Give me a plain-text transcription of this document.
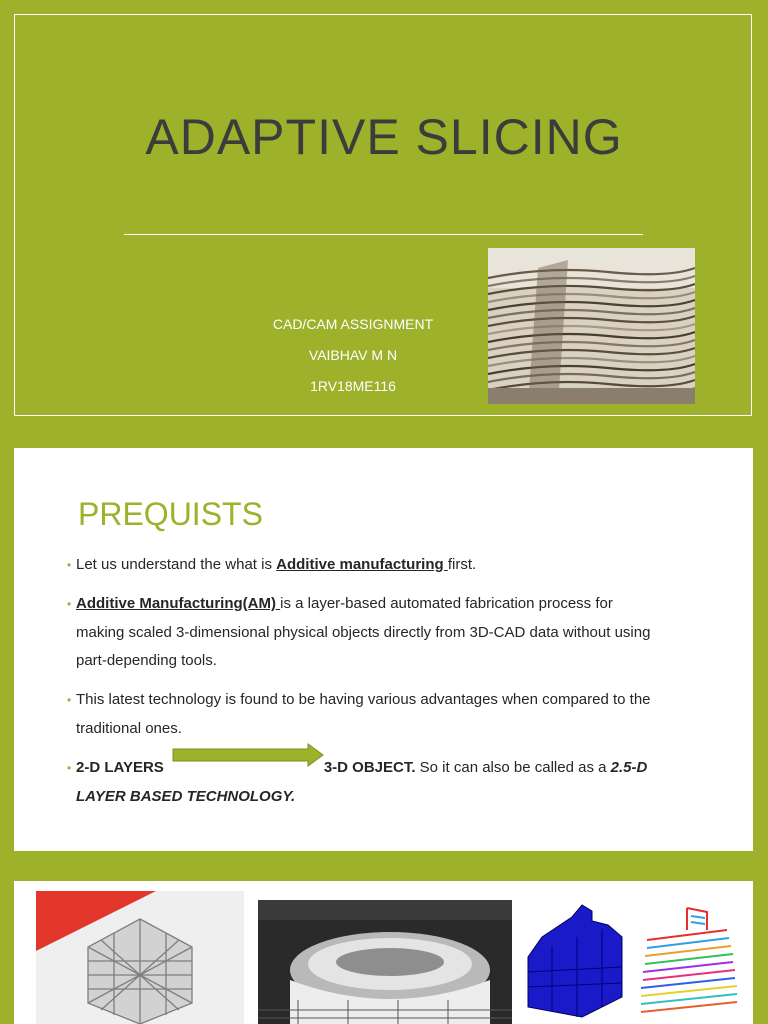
ADAPTIVE SLICING
CAD/CAM ASSIGNMENT
VAIBHAV M N
1RV18ME116
PREQUISTS
• Let us understand the what is Additive manufacturing first.
• Additive Manufacturing(AM) is a layer-based automated fabrication process for
making scaled 3-dimensional physical objects directly from 3D-CAD data without using
part-depending tools.
• This latest technology is found to be having various advantages when compared to the
traditional ones.
• 2-D LAYERS	3-D OBJECT. So it can also be called as a 2.5-D
LAYER BASED TECHNOLOGY.
